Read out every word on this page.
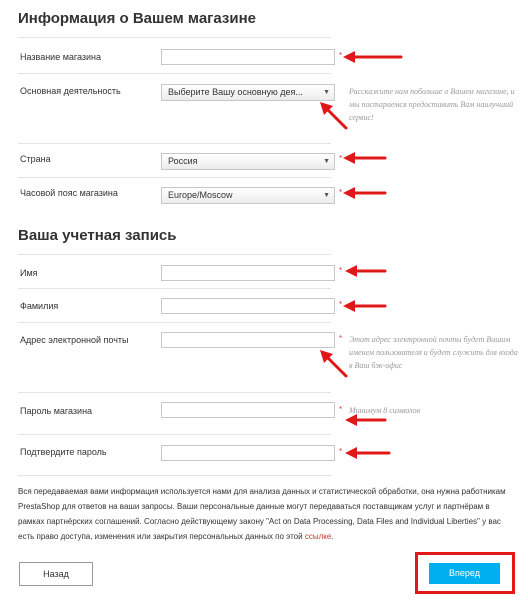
Информация о Вашем магазине
Название магазина	*
Основная деятельность	Выберите Вашу основную дея...	▼ Расскажите нам побольше о Вашем магазине, и мы постараемся предоставить Вам наилучший сервис!
Страна	Россия	▼ *
Часовой пояс магазина	Europe/Moscow	▼ *
Ваша учетная запись
Имя	*
Фамилия	*
Адрес электронной почты	* Этот адрес электронной почты будет Вашим именем пользователя и будет служить для входа в Ваш бэк-офис
Пароль магазина	* Минимум 8 символов
Подтвердите пароль	*
Вся передаваемая вами информация используется нами для анализа данных и статистической обработки, она нужна работникам PrestaShop для ответов на ваши запросы. Ваши персональные данные могут передаваться поставщикам услуг и партнёрам в рамках партнёрских соглашений. Согласно действующему закону "Act on Data Processing, Data Files and Individual Liberties" у вас есть право доступа, изменения или закрытия персональных данных по этой ссылке.
Назад	Вперед
